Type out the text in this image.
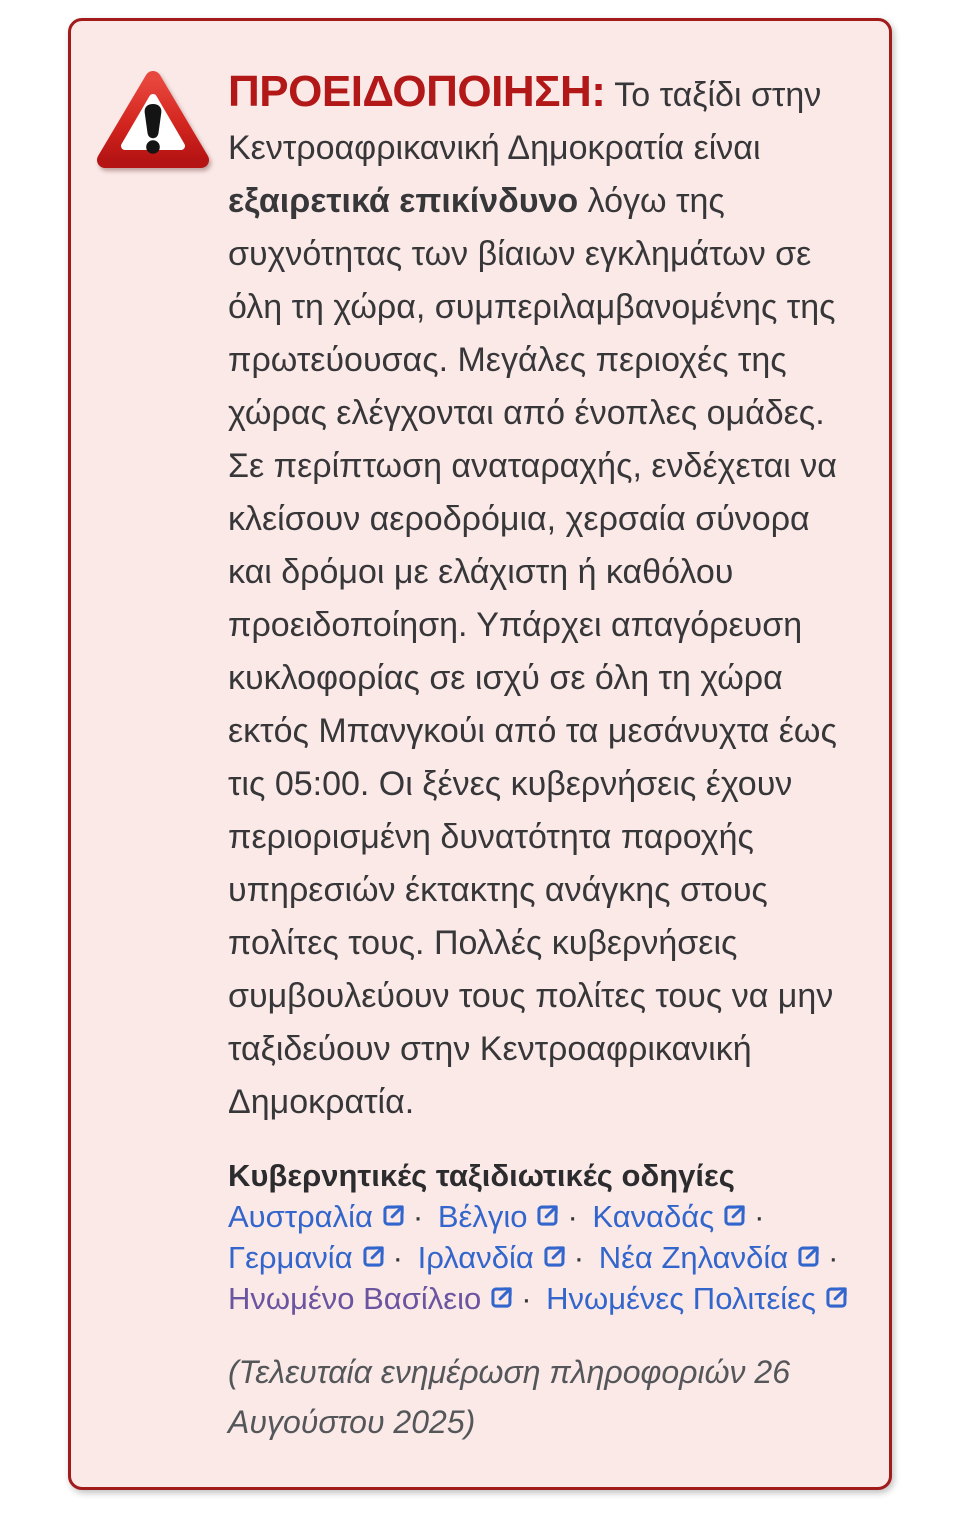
ΠΡΟΕΙΔΟΠΟΙΗΣΗ: Το ταξίδι στην Κεντροαφρικανική Δημοκρατία είναι εξαιρετικά επικίνδυνο λόγω της συχνότητας των βίαιων εγκλημάτων σε όλη τη χώρα, συμπεριλαμβανομένης της πρωτεύουσας. Μεγάλες περιοχές της χώρας ελέγχονται από ένοπλες ομάδες. Σε περίπτωση αναταραχής, ενδέχεται να κλείσουν αεροδρόμια, χερσαία σύνορα και δρόμοι με ελάχιστη ή καθόλου προειδοποίηση. Υπάρχει απαγόρευση κυκλοφορίας σε ισχύ σε όλη τη χώρα εκτός Μπανγκούι από τα μεσάνυχτα έως τις 05:00. Οι ξένες κυβερνήσεις έχουν περιορισμένη δυνατότητα παροχής υπηρεσιών έκτακτης ανάγκης στους πολίτες τους. Πολλές κυβερνήσεις συμβουλεύουν τους πολίτες τους να μην ταξιδεύουν στην Κεντροαφρικανική Δημοκρατία.

Κυβερνητικές ταξιδιωτικές οδηγίες
Αυστραλία · Βέλγιο · Καναδάς · Γερμανία · Ιρλανδία · Νέα Ζηλανδία · Ηνωμένο Βασίλειο · Ηνωμένες Πολιτείες
(Τελευταία ενημέρωση πληροφοριών 26 Αυγούστου 2025)
